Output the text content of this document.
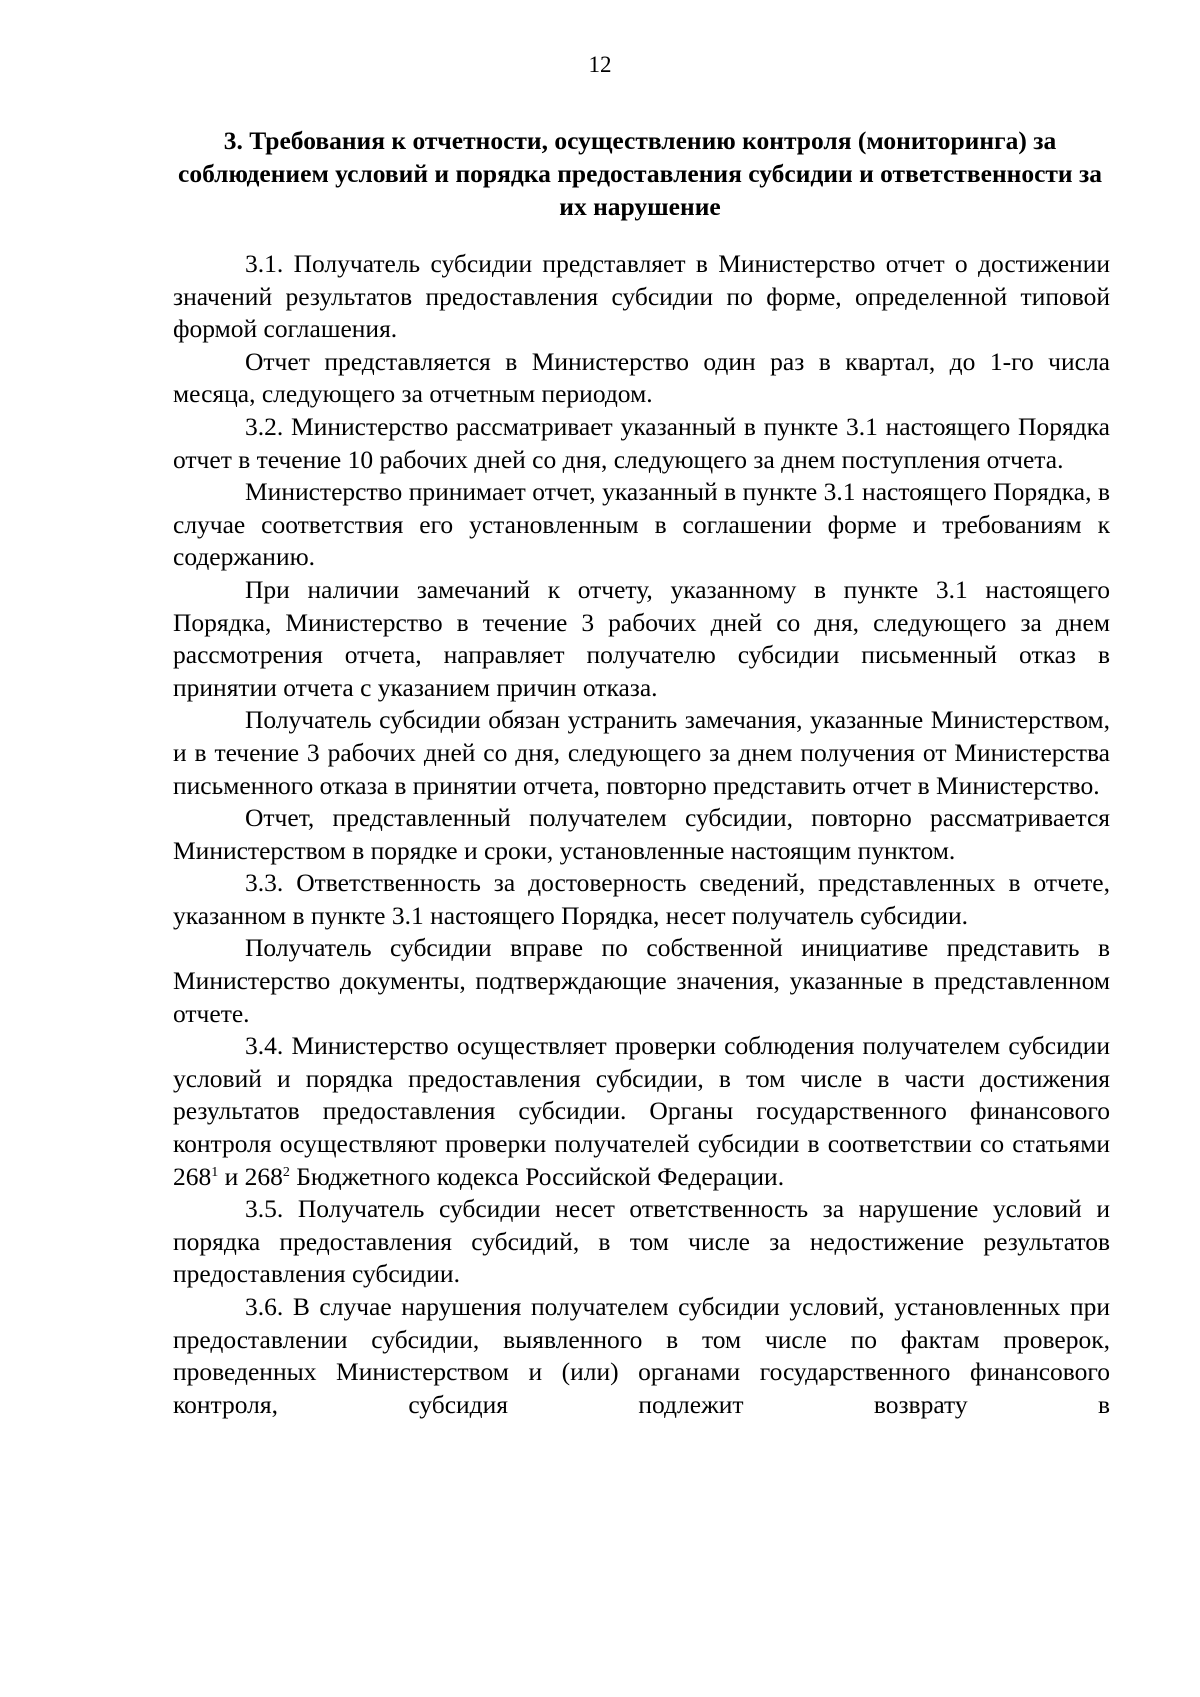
12
3. Требования к отчетности, осуществлению контроля (мониторинга) за соблюдением условий и порядка предоставления субсидии и ответственности за их нарушение

3.1. Получатель субсидии представляет в Министерство отчет о достижении значений результатов предоставления субсидии по форме, определенной типовой формой соглашения.

Отчет представляется в Министерство один раз в квартал, до 1-го числа месяца, следующего за отчетным периодом.

3.2. Министерство рассматривает указанный в пункте 3.1 настоящего Порядка отчет в течение 10 рабочих дней со дня, следующего за днем поступления отчета.

Министерство принимает отчет, указанный в пункте 3.1 настоящего Порядка, в случае соответствия его установленным в соглашении форме и требованиям к содержанию.

При наличии замечаний к отчету, указанному в пункте 3.1 настоящего Порядка, Министерство в течение 3 рабочих дней со дня, следующего за днем рассмотрения отчета, направляет получателю субсидии письменный отказ в принятии отчета с указанием причин отказа.

Получатель субсидии обязан устранить замечания, указанные Министерством, и в течение 3 рабочих дней со дня, следующего за днем получения от Министерства письменного отказа в принятии отчета, повторно представить отчет в Министерство.

Отчет, представленный получателем субсидии, повторно рассматривается Министерством в порядке и сроки, установленные настоящим пунктом.

3.3. Ответственность за достоверность сведений, представленных в отчете, указанном в пункте 3.1 настоящего Порядка, несет получатель субсидии.

Получатель субсидии вправе по собственной инициативе представить в Министерство документы, подтверждающие значения, указанные в представленном отчете.

3.4. Министерство осуществляет проверки соблюдения получателем субсидии условий и порядка предоставления субсидии, в том числе в части достижения результатов предоставления субсидии. Органы государственного финансового контроля осуществляют проверки получателей субсидии в соответствии со статьями $268^1$ и $268^2$ Бюджетного кодекса Российской Федерации.

3.5. Получатель субсидии несет ответственность за нарушение условий и порядка предоставления субсидий, в том числе за недостижение результатов предоставления субсидии.

3.6. В случае нарушения получателем субсидии условий, установленных при предоставлении субсидии, выявленного в том числе по фактам проверок, проведенных Министерством и (или) органами государственного финансового контроля, субсидия подлежит возврату в
